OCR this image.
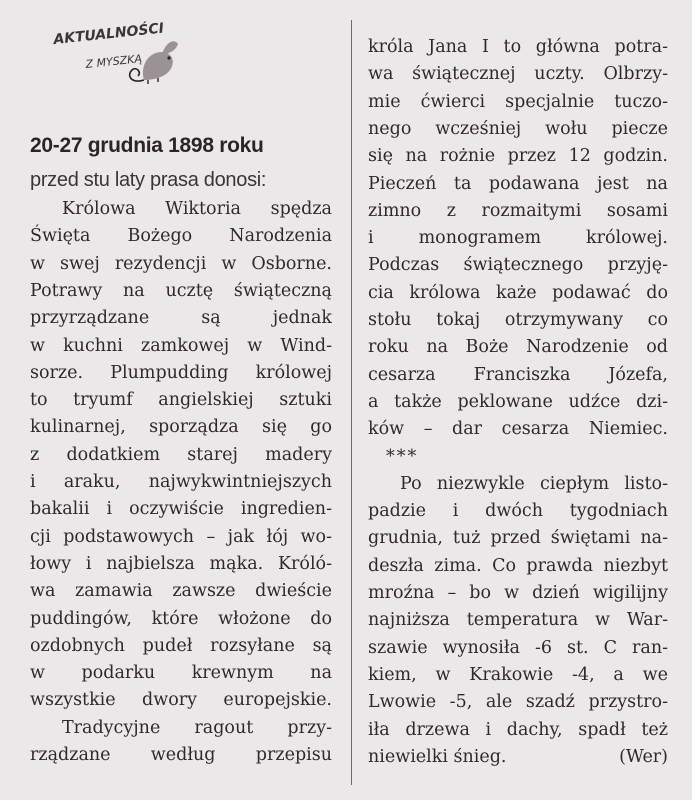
AKTUALNOŚCI
Z MYSZKĄ
20-27 grudnia 1898 roku
przed stu laty prasa donosi:
Królowa Wiktoria spędza
Święta Bożego Narodzenia
w swej rezydencji w Osborne.
Potrawy na ucztę świąteczną
przyrządzane są jednak
w kuchni zamkowej w Wind-
sorze. Plumpudding królowej
to tryumf angielskiej sztuki
kulinarnej, sporządza się go
z dodatkiem starej madery
i araku, najwykwintniejszych
bakalii i oczywiście ingredien-
cji podstawowych – jak łój wo-
łowy i najbielsza mąka. Króló-
wa zamawia zawsze dwieście
puddingów, które włożone do
ozdobnych pudeł rozsyłane są
w podarku krewnym na
wszystkie dwory europejskie.
Tradycyjne ragout przy-
rządzane według przepisu
króla Jana I to główna potra-
wa świątecznej uczty. Olbrzy-
mie ćwierci specjalnie tuczo-
nego wcześniej wołu piecze
się na rożnie przez 12 godzin.
Pieczeń ta podawana jest na
zimno z rozmaitymi sosami
i monogramem królowej.
Podczas świątecznego przyję-
cia królowa każe podawać do
stołu tokaj otrzymywany co
roku na Boże Narodzenie od
cesarza Franciszka Józefa,
a także peklowane udźce dzi-
ków – dar cesarza Niemiec.
***
Po niezwykle ciepłym listo-
padzie i dwóch tygodniach
grudnia, tuż przed świętami na-
deszła zima. Co prawda niezbyt
mroźna – bo w dzień wigilijny
najniższa temperatura w War-
szawie wynosiła -6 st. C ran-
kiem, w Krakowie -4, a we
Lwowie -5, ale szadź przystro-
iła drzewa i dachy, spadł też
niewielki śnieg.	(Wer)
